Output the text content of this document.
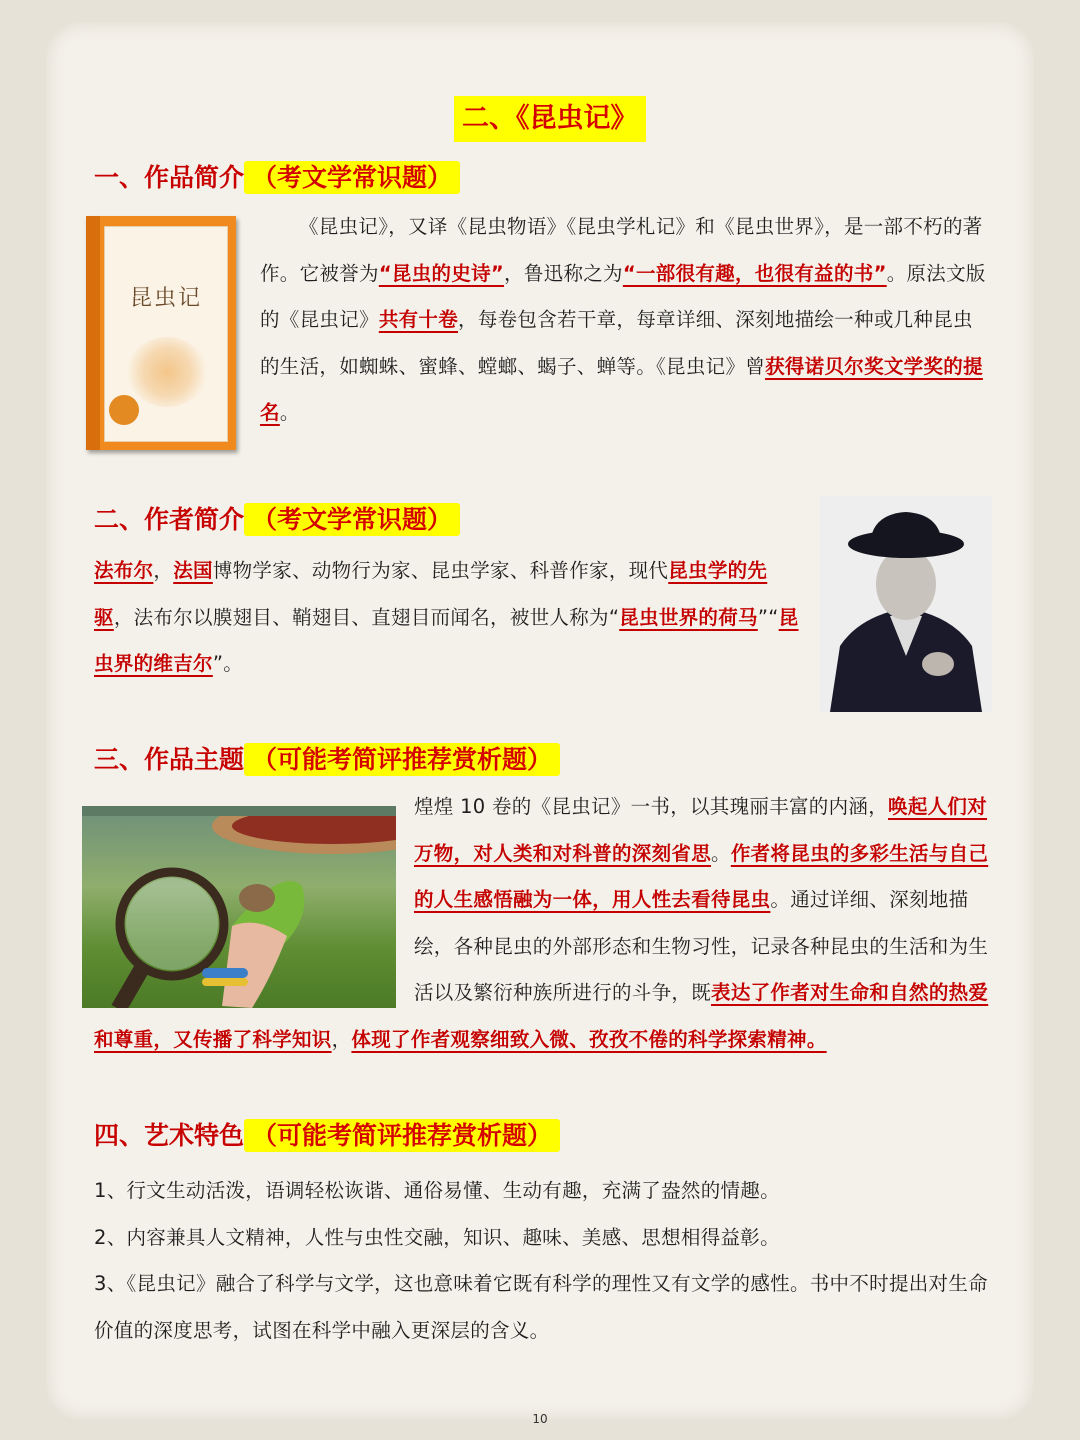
二、《昆虫记》
一、作品简介 （考文学常识题）
昆虫记
《昆虫记》，又译《昆虫物语》《昆虫学札记》和《昆虫世界》，是一部不朽的著作。它被誉为“昆虫的史诗”，鲁迅称之为“一部很有趣，也很有益的书”。原法文版的《昆虫记》共有十卷，每卷包含若干章，每章详细、深刻地描绘一种或几种昆虫的生活，如蜘蛛、蜜蜂、螳螂、蝎子、蝉等。《昆虫记》曾获得诺贝尔奖文学奖的提名。
二、作者简介 （考文学常识题）
法布尔，法国博物学家、动物行为家、昆虫学家、科普作家，现代昆虫学的先驱，法布尔以膜翅目、鞘翅目、直翅目而闻名，被世人称为“昆虫世界的荷马”“昆虫界的维吉尔”。
三、作品主题 （可能考简评推荐赏析题）
煌煌 10 卷的《昆虫记》一书，以其瑰丽丰富的内涵，唤起人们对万物，对人类和对科普的深刻省思。作者将昆虫的多彩生活与自己的人生感悟融为一体，用人性去看待昆虫。通过详细、深刻地描绘，各种昆虫的外部形态和生物习性，记录各种昆虫的生活和为生活以及繁衍种族所进行的斗争，既表达了作者对生命和自然的热爱和尊重，又传播了科学知识，体现了作者观察细致入微、孜孜不倦的科学探索精神。
四、艺术特色 （可能考简评推荐赏析题）
1、行文生动活泼，语调轻松诙谐、通俗易懂、生动有趣，充满了盎然的情趣。
2、内容兼具人文精神，人性与虫性交融，知识、趣味、美感、思想相得益彰。
3、《昆虫记》融合了科学与文学，这也意味着它既有科学的理性又有文学的感性。书中不时提出对生命价值的深度思考，试图在科学中融入更深层的含义。
10
